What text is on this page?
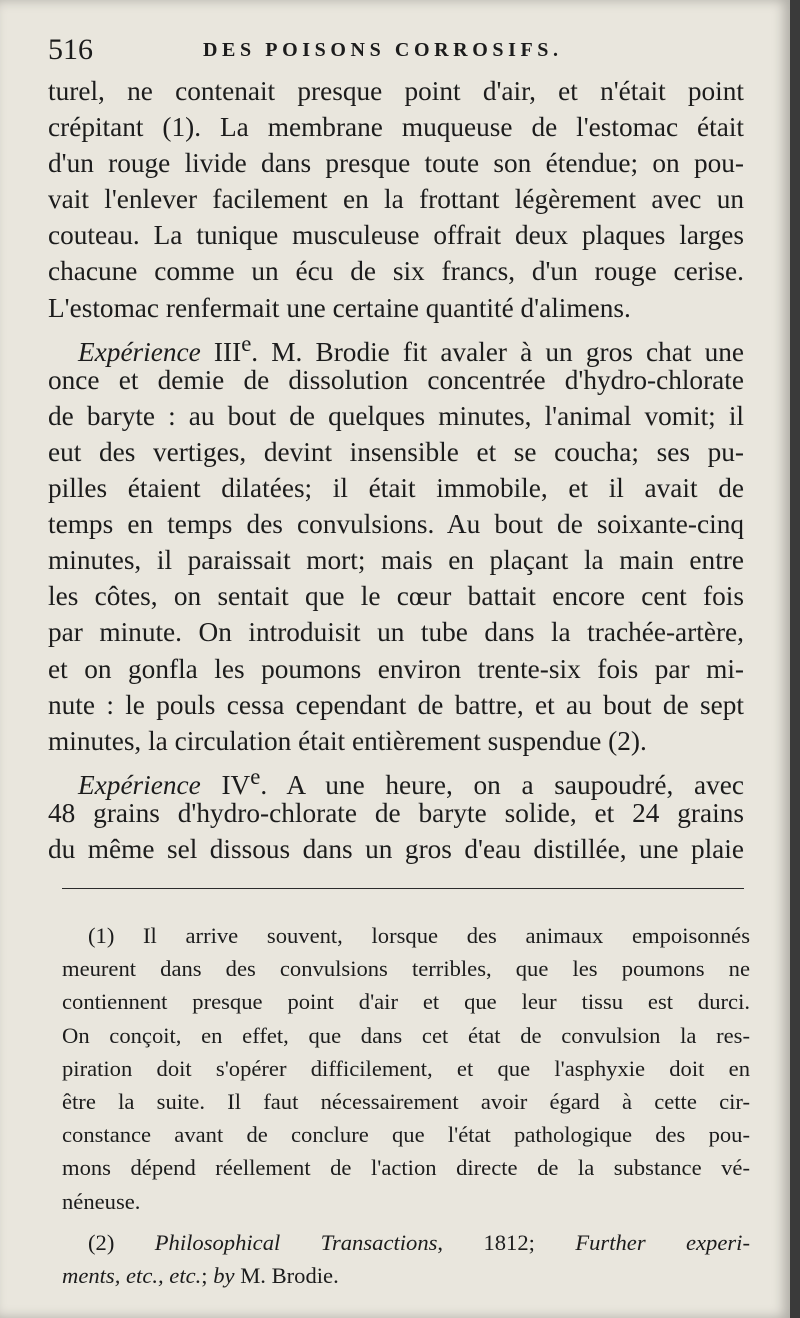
516	DES POISONS CORROSIFS.
turel, ne contenait presque point d'air, et n'était point
crépitant (1). La membrane muqueuse de l'estomac était
d'un rouge livide dans presque toute son étendue; on pou-
vait l'enlever facilement en la frottant légèrement avec un
couteau. La tunique musculeuse offrait deux plaques larges
chacune comme un écu de six francs, d'un rouge cerise.
L'estomac renfermait une certaine quantité d'alimens.
Expérience IIIe. M. Brodie fit avaler à un gros chat une
once et demie de dissolution concentrée d'hydro-chlorate
de baryte : au bout de quelques minutes, l'animal vomit; il
eut des vertiges, devint insensible et se coucha; ses pu-
pilles étaient dilatées; il était immobile, et il avait de
temps en temps des convulsions. Au bout de soixante-cinq
minutes, il paraissait mort; mais en plaçant la main entre
les côtes, on sentait que le cœur battait encore cent fois
par minute. On introduisit un tube dans la trachée-artère,
et on gonfla les poumons environ trente-six fois par mi-
nute : le pouls cessa cependant de battre, et au bout de sept
minutes, la circulation était entièrement suspendue (2).
Expérience IVe. A une heure, on a saupoudré, avec
48 grains d'hydro-chlorate de baryte solide, et 24 grains
du même sel dissous dans un gros d'eau distillée, une plaie
(1) Il arrive souvent, lorsque des animaux empoisonnés
meurent dans des convulsions terribles, que les poumons ne
contiennent presque point d'air et que leur tissu est durci.
On conçoit, en effet, que dans cet état de convulsion la res-
piration doit s'opérer difficilement, et que l'asphyxie doit en
être la suite. Il faut nécessairement avoir égard à cette cir-
constance avant de conclure que l'état pathologique des pou-
mons dépend réellement de l'action directe de la substance vé-
néneuse.
(2) Philosophical Transactions, 1812; Further experi-
ments, etc., etc.; by M. Brodie.
